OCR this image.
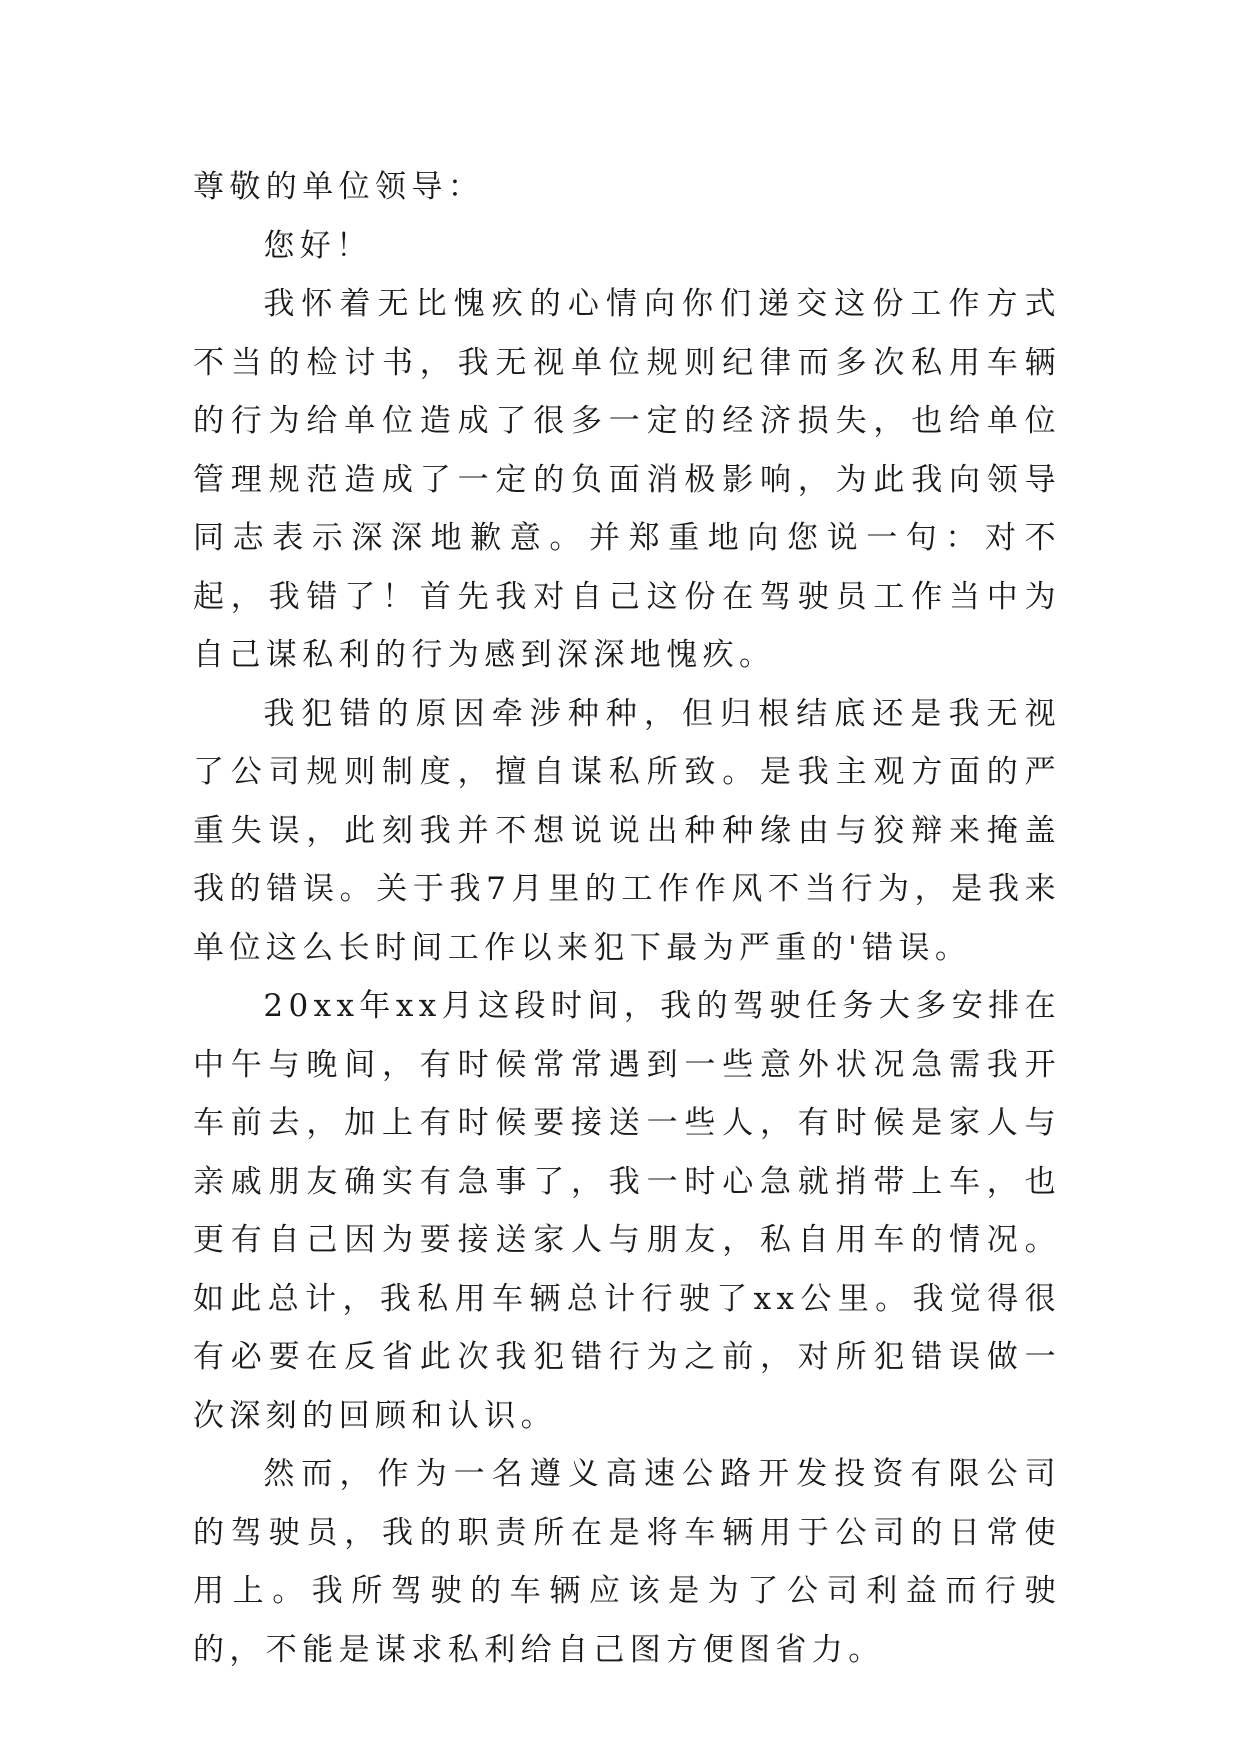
尊敬的单位领导：

您好！

我怀着无比愧疚的心情向你们递交这份工作方式不当的检讨书，我无视单位规则纪律而多次私用车辆的行为给单位造成了很多一定的经济损失，也给单位管理规范造成了一定的负面消极影响，为此我向领导同志表示深深地歉意。并郑重地向您说一句：对不起，我错了！首先我对自己这份在驾驶员工作当中为自己谋私利的行为感到深深地愧疚。

我犯错的原因牵涉种种，但归根结底还是我无视了公司规则制度，擅自谋私所致。是我主观方面的严重失误，此刻我并不想说说出种种缘由与狡辩来掩盖我的错误。关于我7月里的工作作风不当行为，是我来单位这么长时间工作以来犯下最为严重的'错误。

20xx年xx月这段时间，我的驾驶任务大多安排在中午与晚间，有时候常常遇到一些意外状况急需我开车前去，加上有时候要接送一些人，有时候是家人与亲戚朋友确实有急事了，我一时心急就捎带上车，也更有自己因为要接送家人与朋友，私自用车的情况。如此总计，我私用车辆总计行驶了xx公里。我觉得很有必要在反省此次我犯错行为之前，对所犯错误做一次深刻的回顾和认识。

然而，作为一名遵义高速公路开发投资有限公司的驾驶员，我的职责所在是将车辆用于公司的日常使用上。我所驾驶的车辆应该是为了公司利益而行驶的，不能是谋求私利给自己图方便图省力。
